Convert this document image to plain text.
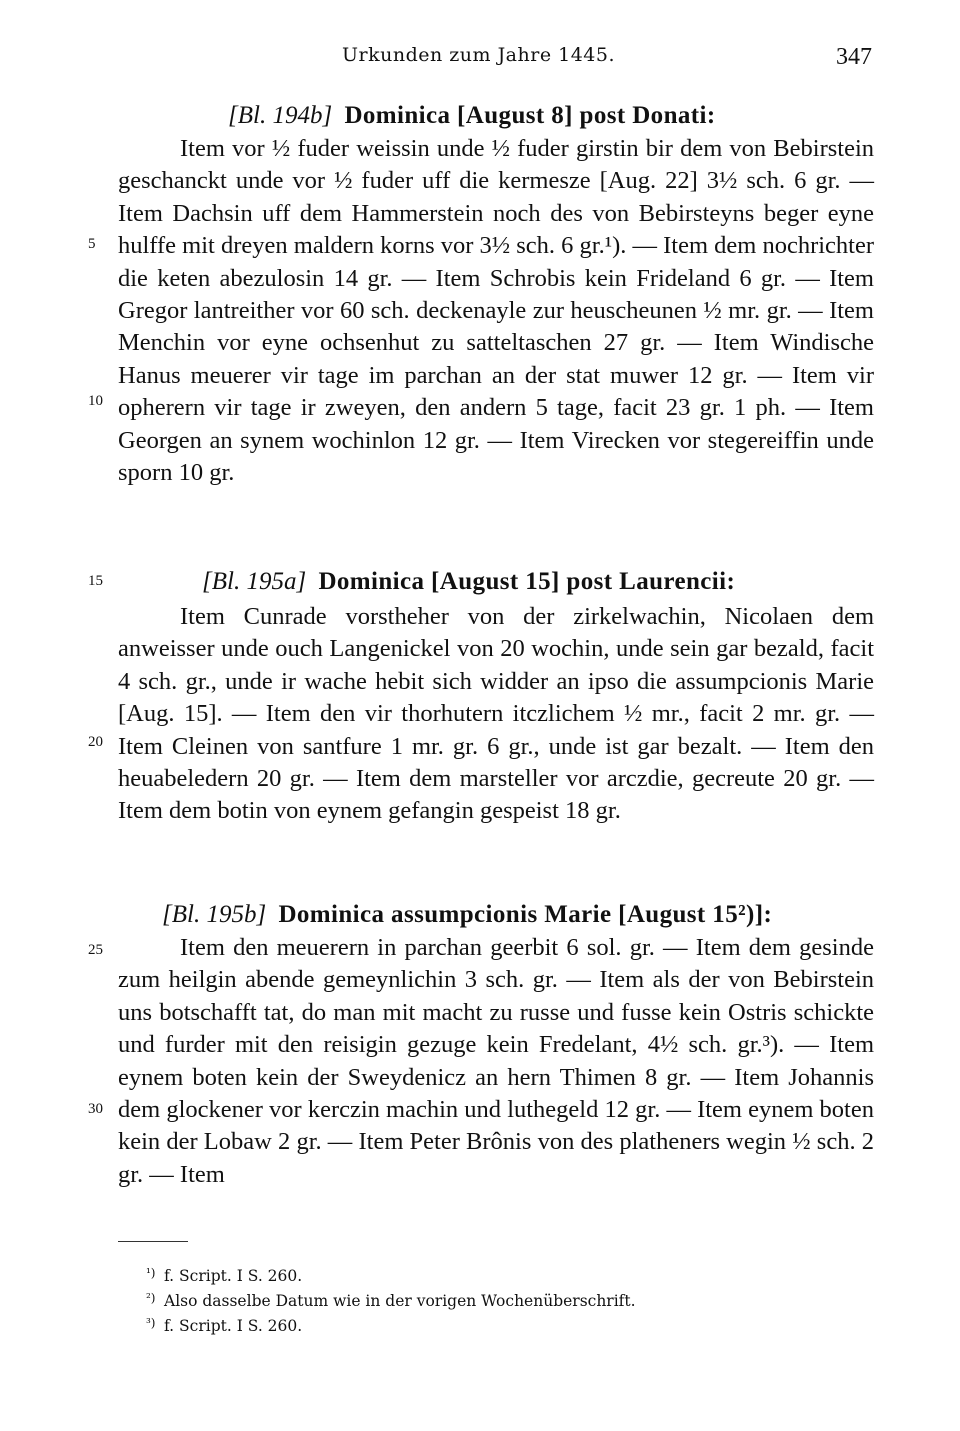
Urkunden zum Jahre 1445.	347
[Bl. 194b] Dominica [August 8] post Donati:

Item vor ½ fuder weissin unde ½ fuder girstin bir dem von Bebirstein geschanckt unde vor ½ fuder uff die kermesze [Aug. 22] 3½ sch. 6 gr. — Item Dachsin uff dem Hammerstein noch des von Bebirsteyns beger eyne hulffe mit dreyen maldern korns vor 3½ sch. 6 gr.¹). — Item dem nochrichter die keten abezulosin 14 gr. — Item Schrobis kein Frideland 6 gr. — Item Gregor lantreither vor 60 sch. deckenayle zur heuscheunen ½ mr. gr. — Item Menchin vor eyne ochsenhut zu satteltaschen 27 gr. — Item Windische Hanus meuerer vir tage im parchan an der stat muwer 12 gr. — Item vir opherern vir tage ir zweyen, den andern 5 tage, facit 23 gr. 1 ph. — Item Georgen an synem wochinlon 12 gr. — Item Virecken vor stegereiffin unde sporn 10 gr.

[Bl. 195a] Dominica [August 15] post Laurencii:

Item Cunrade vorstheher von der zirkelwachin, Nicolaen dem anweisser unde ouch Langenickel von 20 wochin, unde sein gar bezald, facit 4 sch. gr., unde ir wache hebit sich widder an ipso die assumpcionis Marie [Aug. 15]. — Item den vir thorhutern itczlichem ½ mr., facit 2 mr. gr. — Item Cleinen von santfure 1 mr. gr. 6 gr., unde ist gar bezalt. — Item den heuabeledern 20 gr. — Item dem marsteller vor arczdie, gecreute 20 gr. — Item dem botin von eynem gefangin gespeist 18 gr.

[Bl. 195b] Dominica assumpcionis Marie [August 15²)]:

Item den meuerern in parchan geerbit 6 sol. gr. — Item dem gesinde zum heilgin abende gemeynlichin 3 sch. gr. — Item als der von Bebirstein uns botschafft tat, do man mit macht zu russe und fusse kein Ostris schickte und furder mit den reisigin gezuge kein Fredelant, 4½ sch. gr.³). — Item eynem boten kein der Sweydenicz an hern Thimen 8 gr. — Item Johannis dem glockener vor kerczin machin und luthegeld 12 gr. — Item eynem boten kein der Lobaw 2 gr. — Item Peter Brônis von des platheners wegin ½ sch. 2 gr. — Item

5
10
15
20
25
30

¹) f. Script. I S. 260.

²) Also dasselbe Datum wie in der vorigen Wochenüberschrift.

³) f. Script. I S. 260.
